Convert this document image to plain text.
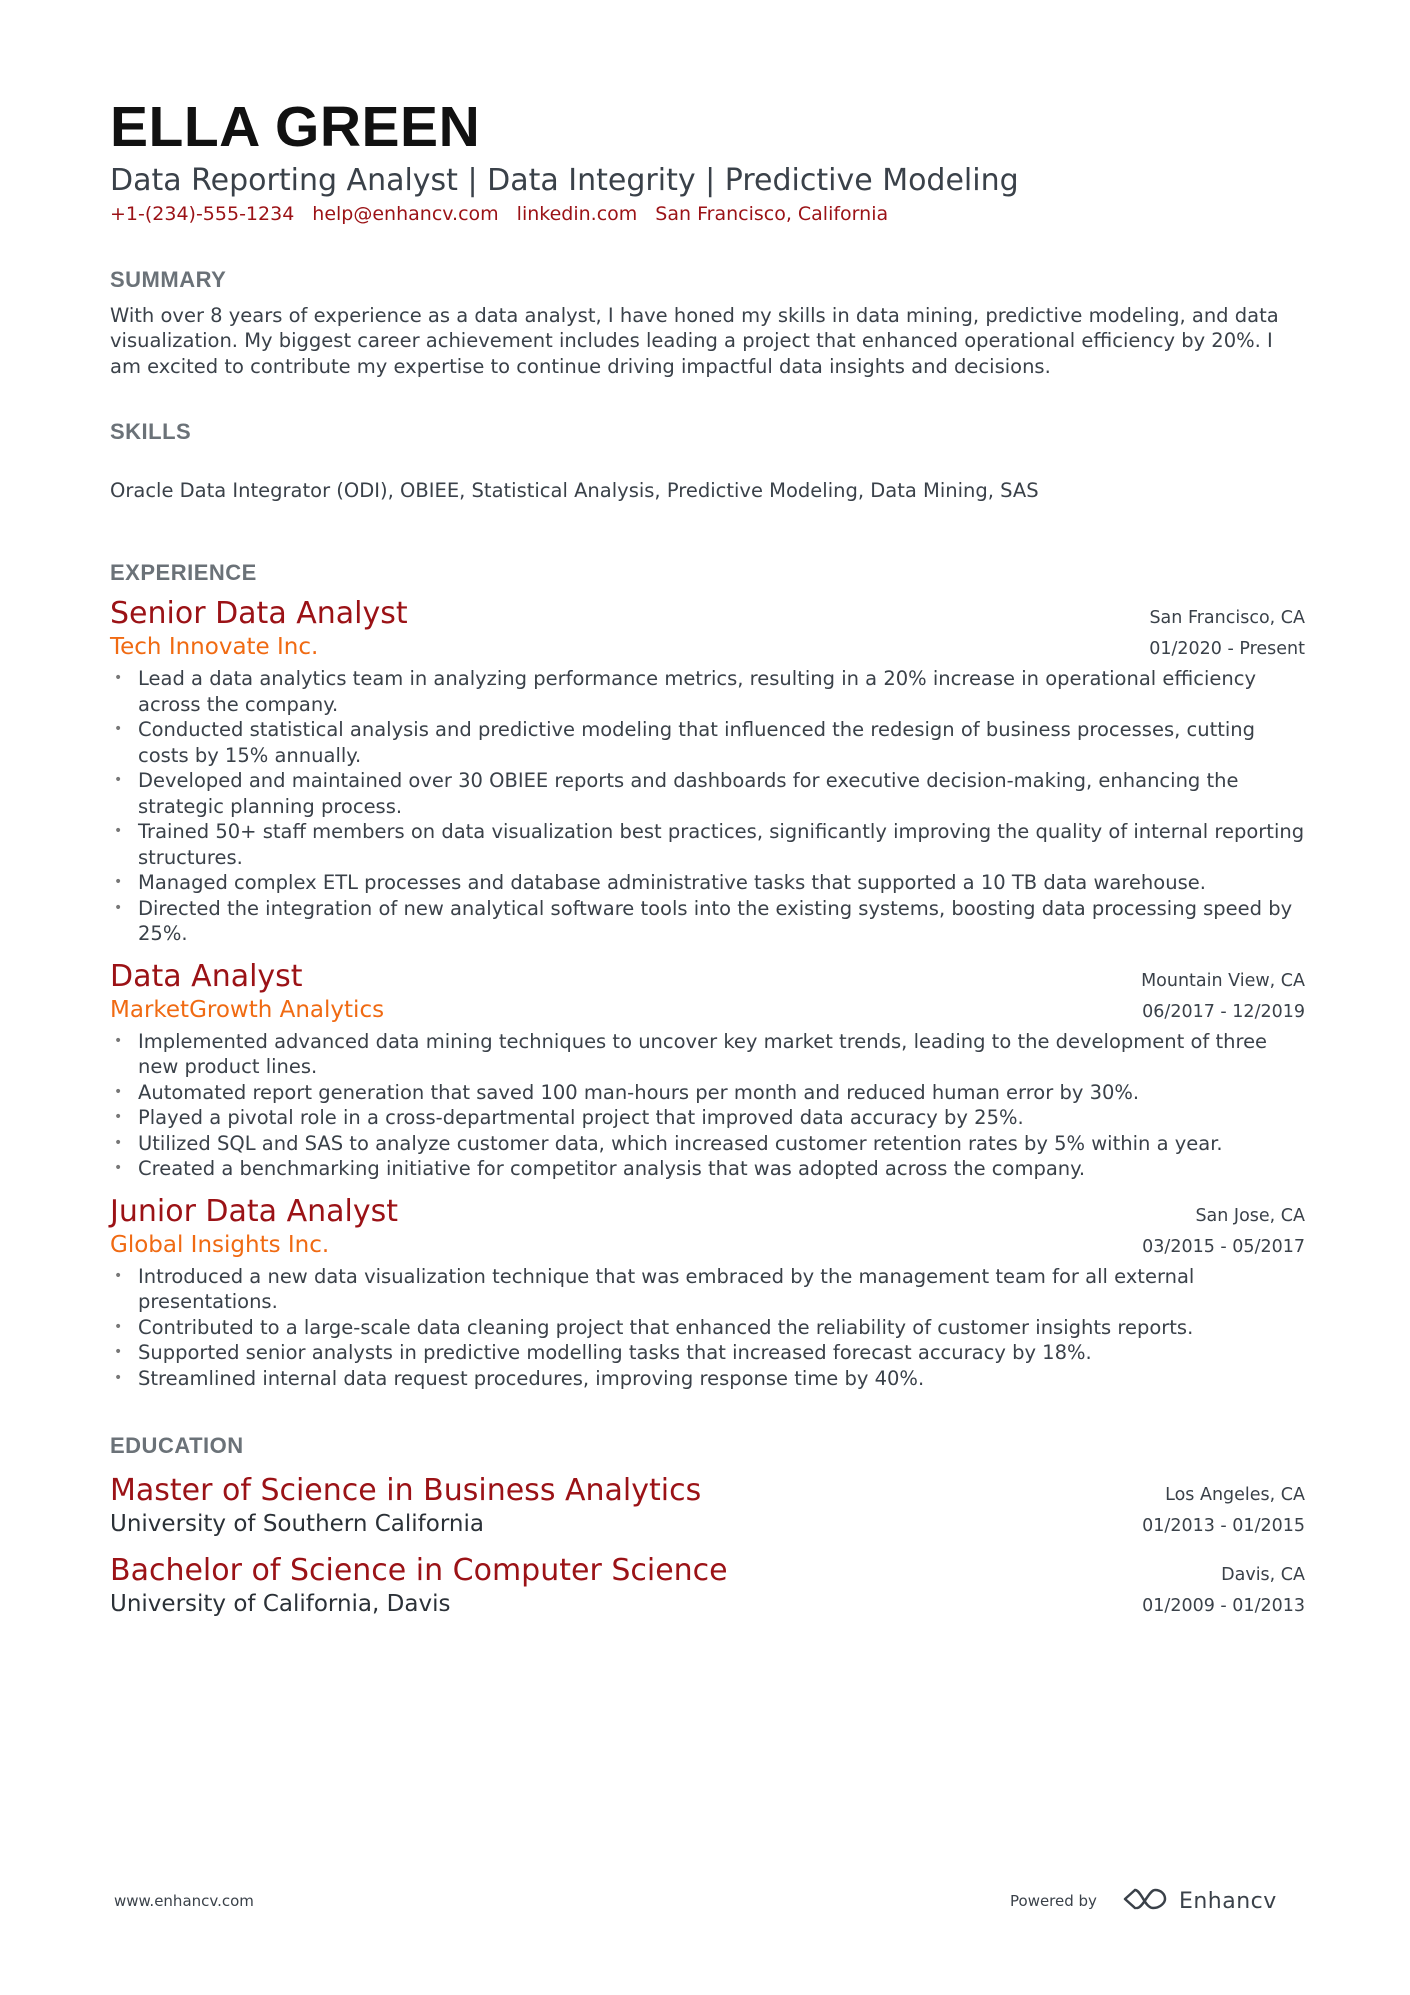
ELLA GREEN
Data Reporting Analyst | Data Integrity | Predictive Modeling
+1-(234)-555-1234 help@enhancv.com linkedin.com San Francisco, California
SUMMARY
With over 8 years of experience as a data analyst, I have honed my skills in data mining, predictive modeling, and data visualization. My biggest career achievement includes leading a project that enhanced operational efficiency by 20%. I am excited to contribute my expertise to continue driving impactful data insights and decisions.
SKILLS
Oracle Data Integrator (ODI), OBIEE, Statistical Analysis, Predictive Modeling, Data Mining, SAS
EXPERIENCE
Senior Data Analyst	San Francisco, CA
Tech Innovate Inc.	01/2020 - Present
• Lead a data analytics team in analyzing performance metrics, resulting in a 20% increase in operational efficiency across the company.
• Conducted statistical analysis and predictive modeling that influenced the redesign of business processes, cutting costs by 15% annually.
• Developed and maintained over 30 OBIEE reports and dashboards for executive decision-making, enhancing the strategic planning process.
• Trained 50+ staff members on data visualization best practices, significantly improving the quality of internal reporting structures.
• Managed complex ETL processes and database administrative tasks that supported a 10 TB data warehouse.
• Directed the integration of new analytical software tools into the existing systems, boosting data processing speed by 25%.
Data Analyst	Mountain View, CA
MarketGrowth Analytics	06/2017 - 12/2019
• Implemented advanced data mining techniques to uncover key market trends, leading to the development of three new product lines.
• Automated report generation that saved 100 man-hours per month and reduced human error by 30%.
• Played a pivotal role in a cross-departmental project that improved data accuracy by 25%.
• Utilized SQL and SAS to analyze customer data, which increased customer retention rates by 5% within a year.
• Created a benchmarking initiative for competitor analysis that was adopted across the company.
Junior Data Analyst	San Jose, CA
Global Insights Inc.	03/2015 - 05/2017
• Introduced a new data visualization technique that was embraced by the management team for all external presentations.
• Contributed to a large-scale data cleaning project that enhanced the reliability of customer insights reports.
• Supported senior analysts in predictive modelling tasks that increased forecast accuracy by 18%.
• Streamlined internal data request procedures, improving response time by 40%.
EDUCATION
Master of Science in Business Analytics	Los Angeles, CA
University of Southern California	01/2013 - 01/2015
Bachelor of Science in Computer Science	Davis, CA
University of California, Davis	01/2009 - 01/2013
www.enhancv.com	Powered by	Enhancv
